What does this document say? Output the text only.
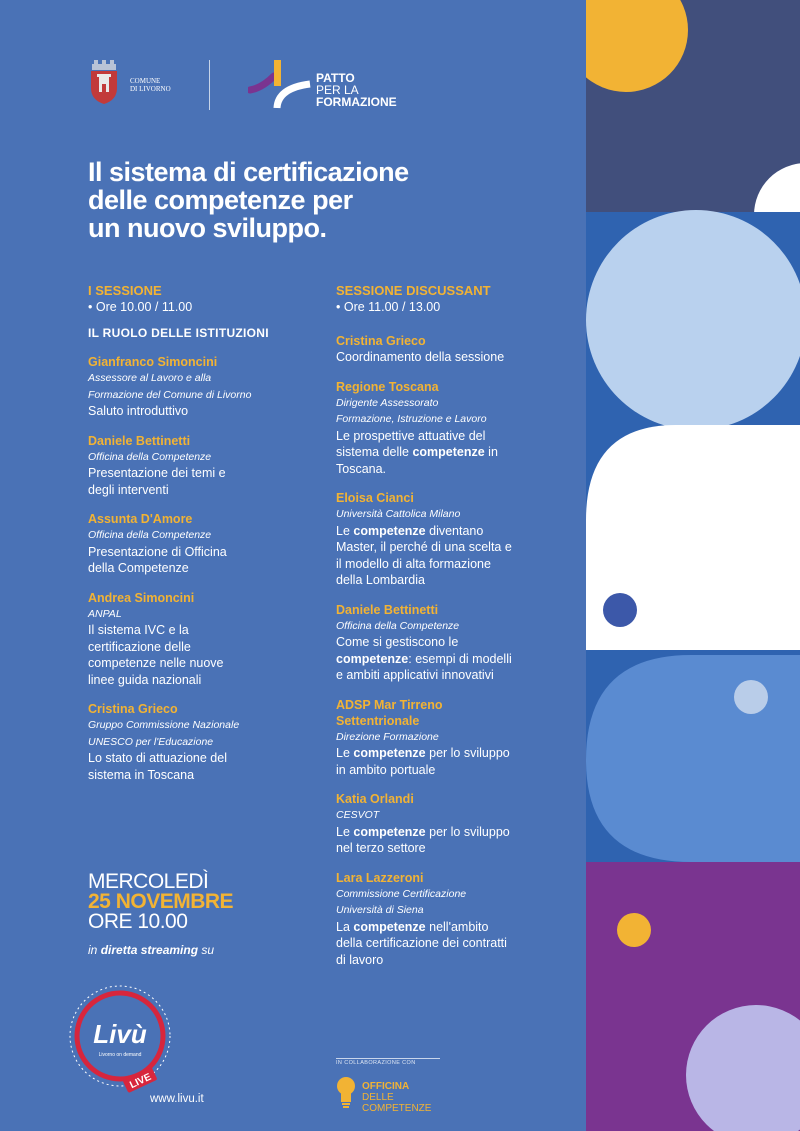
COMUNE
DI LIVORNO
PATTO
PER LA
FORMAZIONE
Il sistema di certificazione
delle competenze per
un nuovo sviluppo.
I SESSIONE
• Ore 10.00 / 11.00
IL RUOLO DELLE ISTITUZIONI
Gianfranco Simoncini
Assessore al Lavoro e alla
Formazione del Comune di Livorno
Saluto introduttivo
Daniele Bettinetti
Officina della Competenze
Presentazione dei temi e
degli interventi
Assunta D'Amore
Officina della Competenze
Presentazione di Officina
della Competenze
Andrea Simoncini
ANPAL
Il sistema IVC e la
certificazione delle
competenze nelle nuove
linee guida nazionali
Cristina Grieco
Gruppo Commissione Nazionale
UNESCO per l'Educazione
Lo stato di attuazione del
sistema in Toscana
SESSIONE DISCUSSANT
• Ore 11.00 / 13.00
Cristina Grieco
Coordinamento della sessione
Regione Toscana
Dirigente Assessorato
Formazione, Istruzione e Lavoro
Le prospettive attuative del
sistema delle competenze in
Toscana.
Eloisa Cianci
Università Cattolica Milano
Le competenze diventano
Master, il perché di una scelta e
il modello di alta formazione
della Lombardia
Daniele Bettinetti
Officina della Competenze
Come si gestiscono le
competenze: esempi di modelli
e ambiti applicativi innovativi
ADSP Mar Tirreno
Settentrionale
Direzione Formazione
Le competenze per lo sviluppo
in ambito portuale
Katia Orlandi
CESVOT
Le competenze per lo sviluppo
nel terzo settore
Lara Lazzeroni
Commissione Certificazione
Università di Siena
La competenze nell'ambito
della certificazione dei contratti
di lavoro
MERCOLEDÌ
25 NOVEMBRE
ORE 10.00
in diretta streaming su
Livù
Livorno on demand
LIVE
www.livu.it
IN COLLABORAZIONE CON
OFFICINA
DELLE
COMPETENZE
